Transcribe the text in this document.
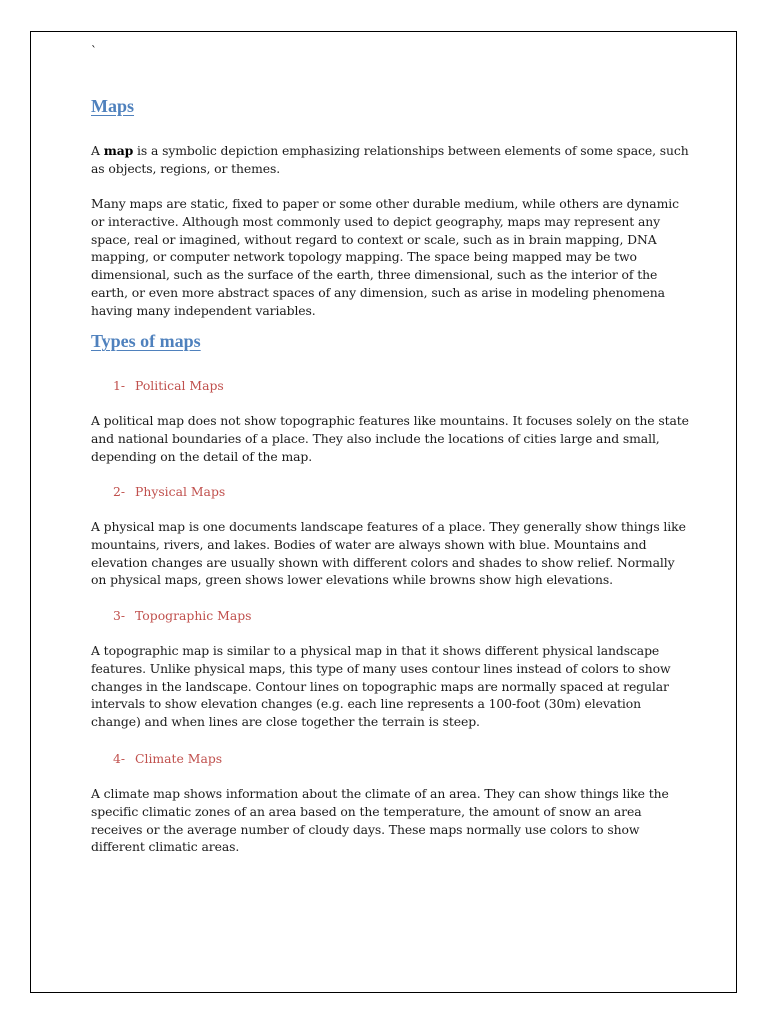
`
Maps

A map is a symbolic depiction emphasizing relationships between elements of some space, such as objects, regions, or themes.

Many maps are static, fixed to paper or some other durable medium, while others are dynamic or interactive. Although most commonly used to depict geography, maps may represent any space, real or imagined, without regard to context or scale, such as in brain mapping, DNA mapping, or computer network topology mapping. The space being mapped may be two dimensional, such as the surface of the earth, three dimensional, such as the interior of the earth, or even more abstract spaces of any dimension, such as arise in modeling phenomena having many independent variables.

Types of maps

1- Political Maps

A political map does not show topographic features like mountains. It focuses solely on the state and national boundaries of a place. They also include the locations of cities large and small, depending on the detail of the map.

2- Physical Maps

A physical map is one documents landscape features of a place. They generally show things like mountains, rivers, and lakes. Bodies of water are always shown with blue. Mountains and elevation changes are usually shown with different colors and shades to show relief. Normally on physical maps, green shows lower elevations while browns show high elevations.

3- Topographic Maps

A topographic map is similar to a physical map in that it shows different physical landscape features. Unlike physical maps, this type of many uses contour lines instead of colors to show changes in the landscape. Contour lines on topographic maps are normally spaced at regular intervals to show elevation changes (e.g. each line represents a 100-foot (30m) elevation change) and when lines are close together the terrain is steep.

4- Climate Maps

A climate map shows information about the climate of an area. They can show things like the specific climatic zones of an area based on the temperature, the amount of snow an area receives or the average number of cloudy days. These maps normally use colors to show different climatic areas.
